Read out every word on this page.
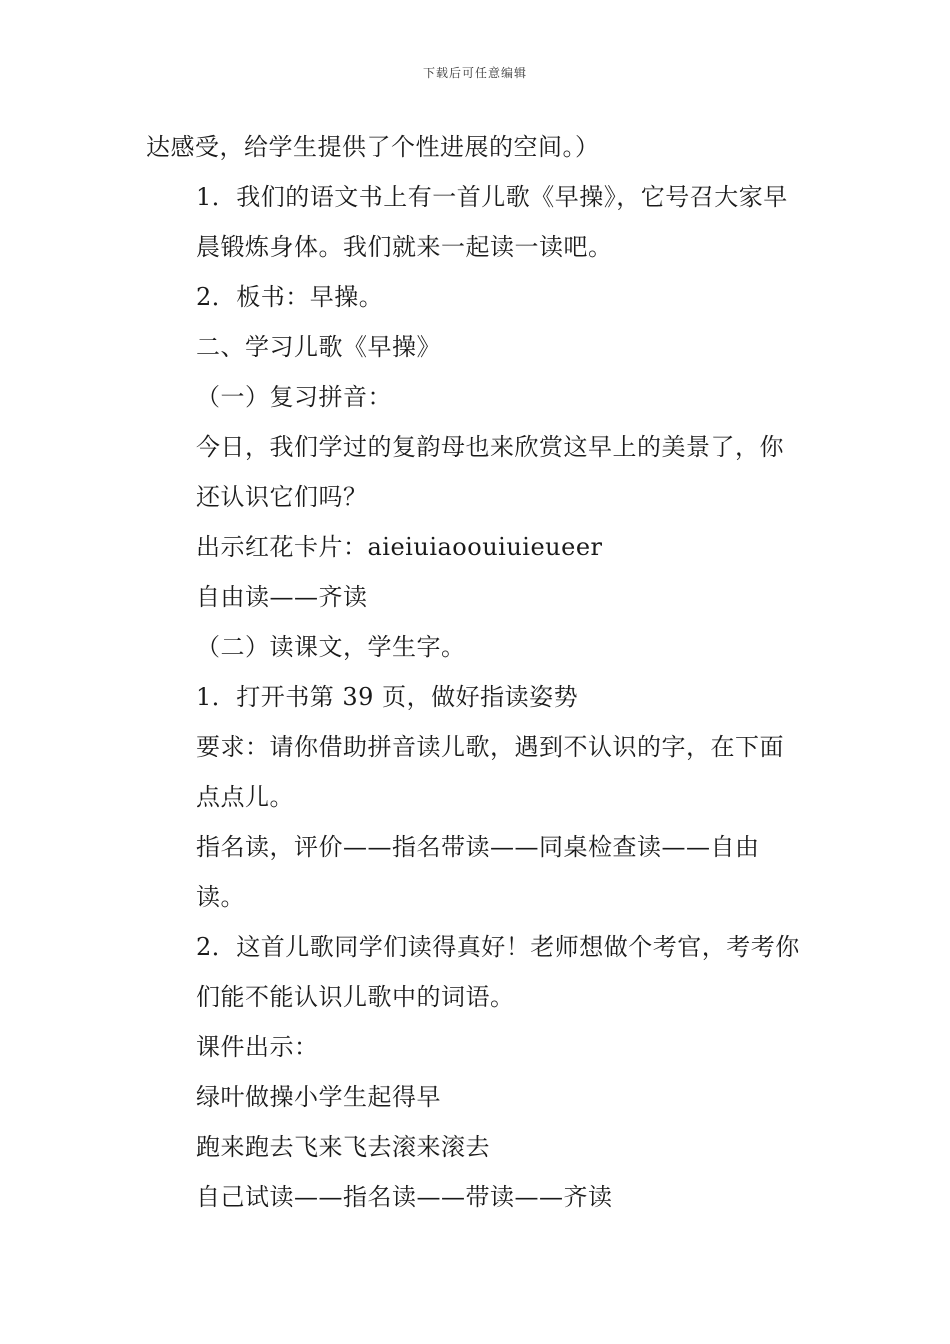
下载后可任意编辑

达感受，给学生提供了个性进展的空间。）

1．我们的语文书上有一首儿歌《早操》，它号召大家早晨锻炼身体。我们就来一起读一读吧。

2．板书：早操。

二、学习儿歌《早操》

（一）复习拼音：

今日，我们学过的复韵母也来欣赏这早上的美景了，你还认识它们吗？

出示红花卡片：aieiuiaoouiuieueer

自由读——齐读

（二）读课文，学生字。

1．打开书第 39 页，做好指读姿势

要求：请你借助拼音读儿歌，遇到不认识的字，在下面点点儿。

指名读，评价——指名带读——同桌检查读——自由读。

2．这首儿歌同学们读得真好！老师想做个考官，考考你们能不能认识儿歌中的词语。

课件出示：

绿叶做操小学生起得早

跑来跑去飞来飞去滚来滚去

自己试读——指名读——带读——齐读
